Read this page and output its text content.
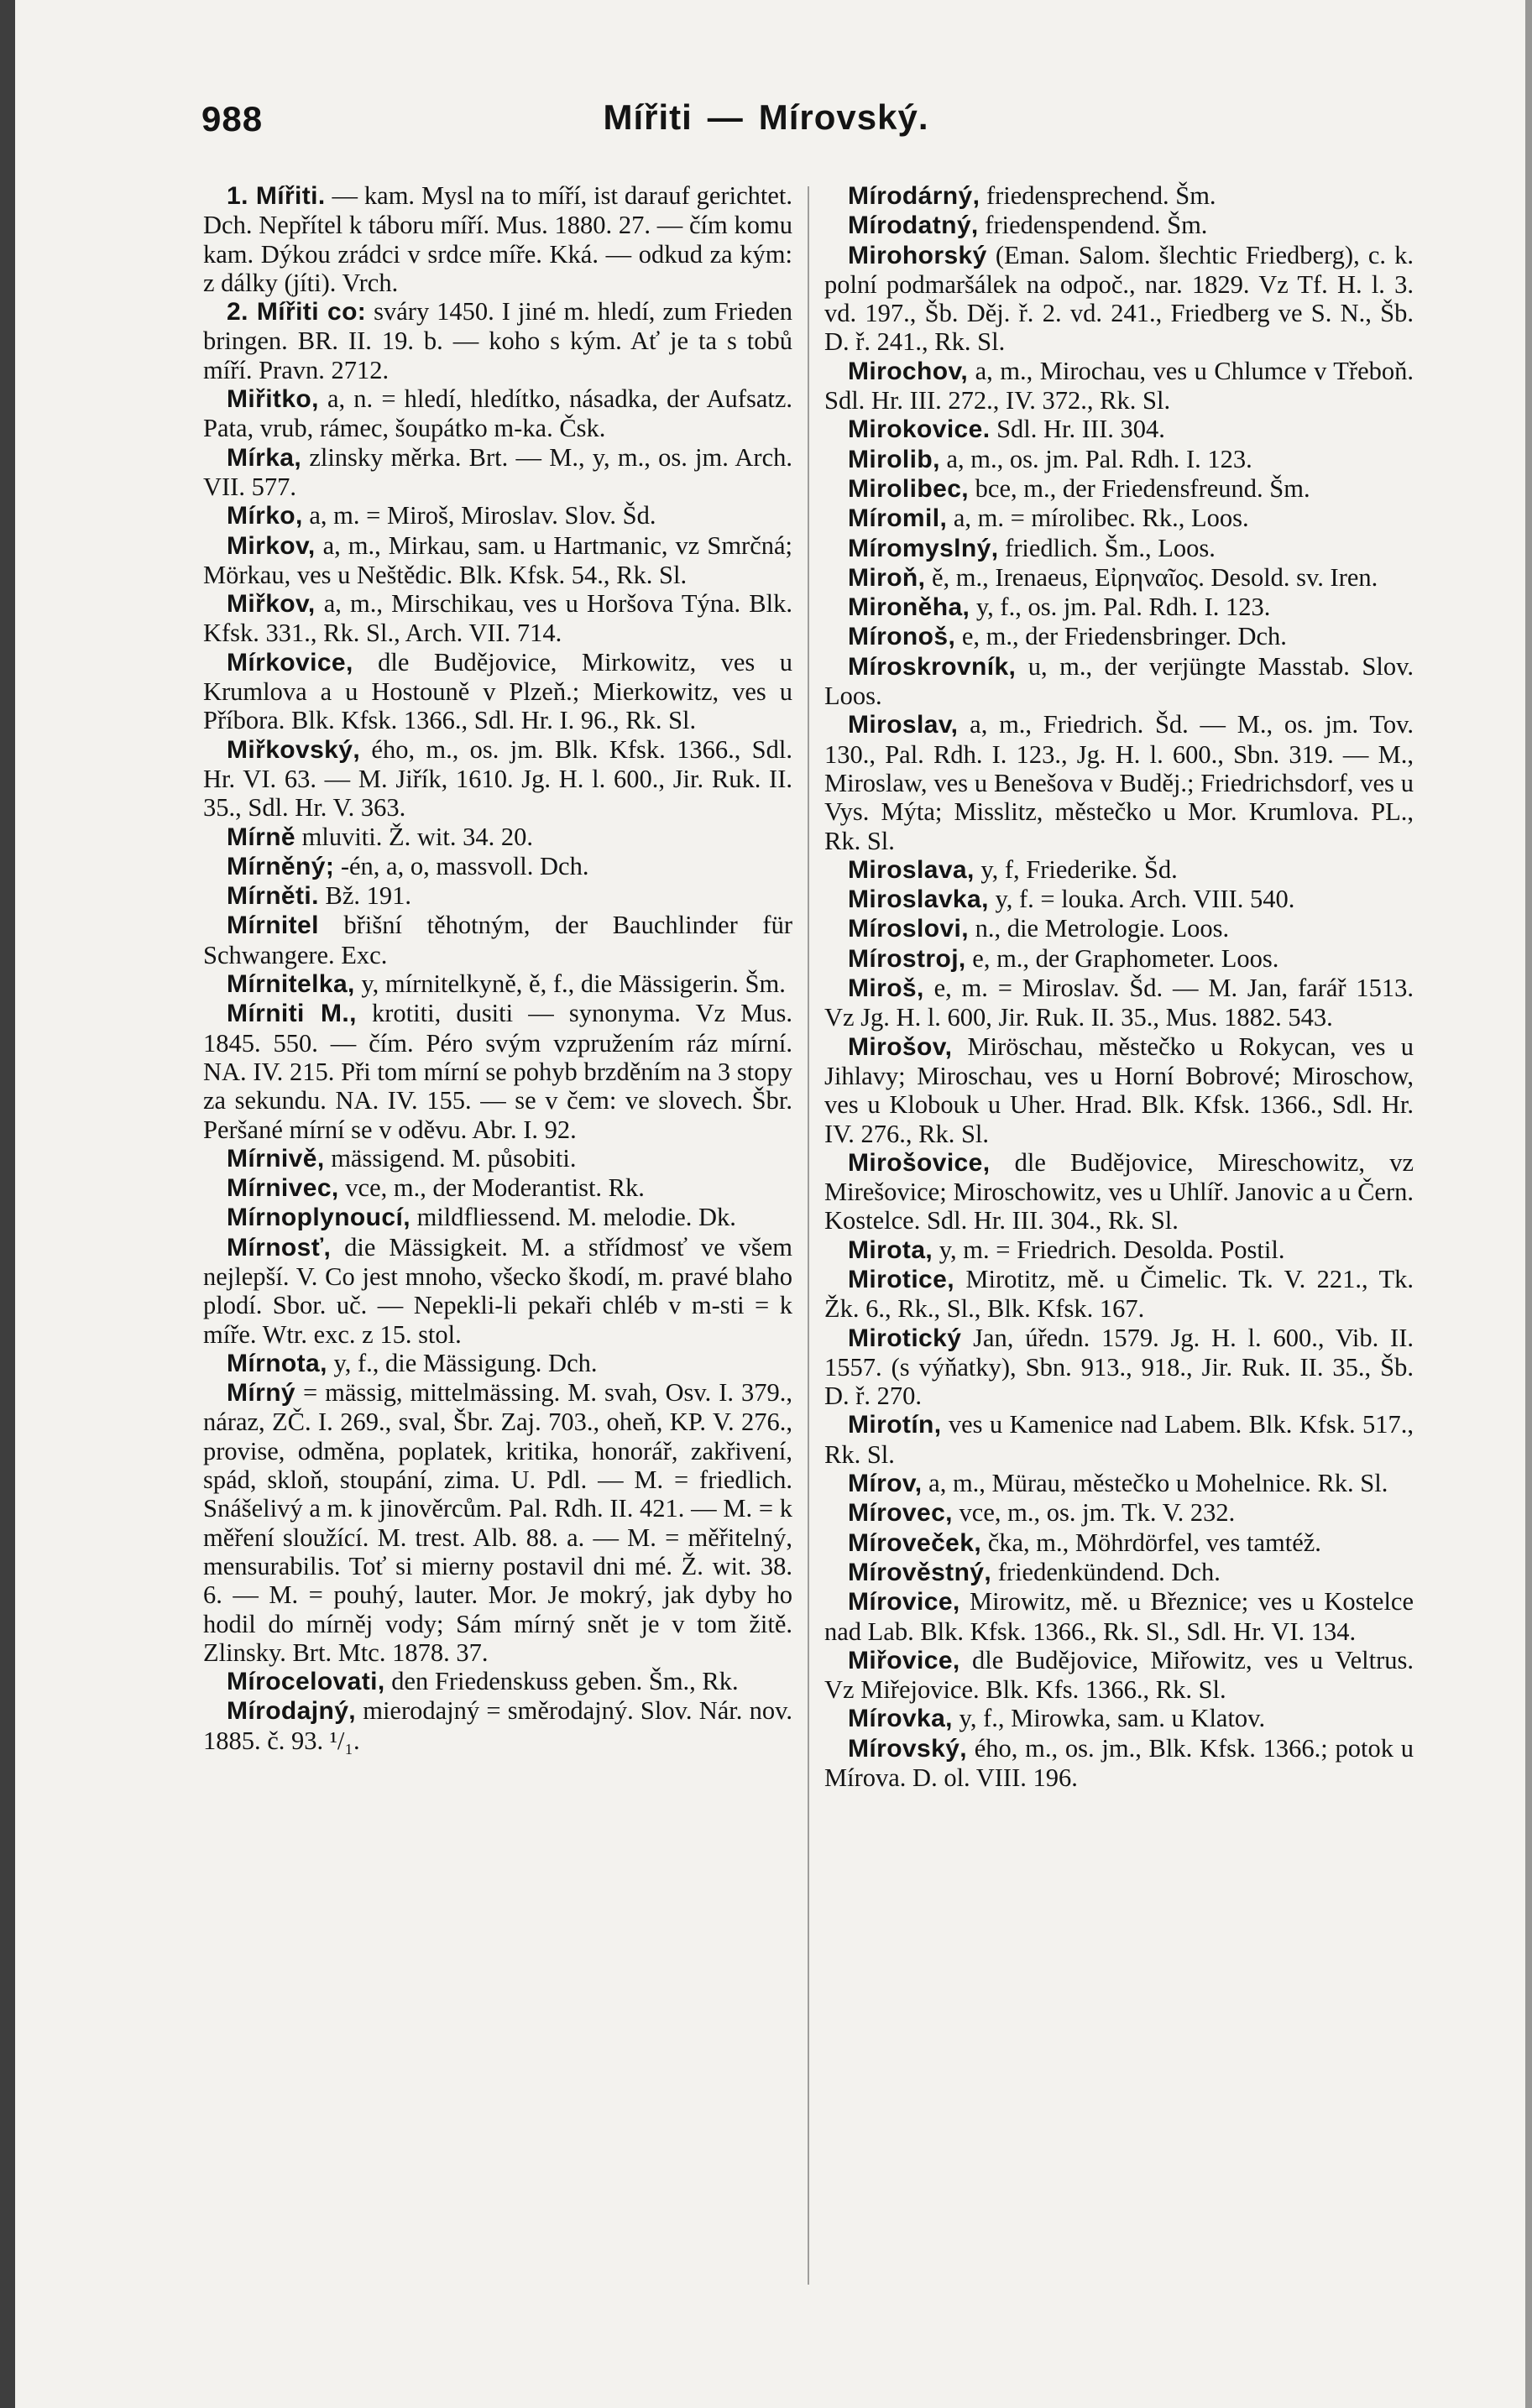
988	Mířiti — Mírovský.

1. Mířiti. — kam. Mysl na to míří, ist darauf gerichtet. Dch. Nepřítel k táboru míří. Mus. 1880. 27. — čím komu kam. Dýkou zrádci v srdce míře. Kká. — odkud za kým: z dálky (jíti). Vrch.

2. Mířiti co: sváry 1450. I jiné m. hledí, zum Frieden bringen. BR. II. 19. b. — koho s kým. Ať je ta s tobů míří. Pravn. 2712.

Miřitko, a, n. = hledí, hledítko, násadka, der Aufsatz. Pata, vrub, rámec, šoupátko m-ka. Čsk.

Mírka, zlinsky měrka. Brt. — M., y, m., os. jm. Arch. VII. 577.

Mírko, a, m. = Miroš, Miroslav. Slov. Šd.

Mirkov, a, m., Mirkau, sam. u Hartmanic, vz Smrčná; Mörkau, ves u Neštědic. Blk. Kfsk. 54., Rk. Sl.

Miřkov, a, m., Mirschikau, ves u Horšova Týna. Blk. Kfsk. 331., Rk. Sl., Arch. VII. 714.

Mírkovice, dle Budějovice, Mirkowitz, ves u Krumlova a u Hostouně v Plzeň.; Mierkowitz, ves u Příbora. Blk. Kfsk. 1366., Sdl. Hr. I. 96., Rk. Sl.

Miřkovský, ého, m., os. jm. Blk. Kfsk. 1366., Sdl. Hr. VI. 63. — M. Jiřík, 1610. Jg. H. l. 600., Jir. Ruk. II. 35., Sdl. Hr. V. 363.

Mírně mluviti. Ž. wit. 34. 20.

Mírněný; -én, a, o, massvoll. Dch.

Mírněti. Bž. 191.

Mírnitel břišní těhotným, der Bauchlinder für Schwangere. Exc.

Mírnitelka, y, mírnitelkyně, ě, f., die Mässigerin. Šm.

Mírniti M., krotiti, dusiti — synonyma. Vz Mus. 1845. 550. — čím. Péro svým vzpružením ráz mírní. NA. IV. 215. Při tom mírní se pohyb brzděním na 3 stopy za sekundu. NA. IV. 155. — se v čem: ve slovech. Šbr. Peršané mírní se v oděvu. Abr. I. 92.

Mírnivě, mässigend. M. působiti.

Mírnivec, vce, m., der Moderantist. Rk.

Mírnoplynoucí, mildfliessend. M. melodie. Dk.

Mírnosť, die Mässigkeit. M. a střídmosť ve všem nejlepší. V. Co jest mnoho, všecko škodí, m. pravé blaho plodí. Sbor. uč. — Nepekli-li pekaři chléb v m-sti = k míře. Wtr. exc. z 15. stol.

Mírnota, y, f., die Mässigung. Dch.

Mírný = mässig, mittelmässing. M. svah, Osv. I. 379., náraz, ZČ. I. 269., sval, Šbr. Zaj. 703., oheň, KP. V. 276., provise, odměna, poplatek, kritika, honorář, zakřivení, spád, skloň, stoupání, zima. U. Pdl. — M. = friedlich. Snášelivý a m. k jinověrcům. Pal. Rdh. II. 421. — M. = k měření sloužící. M. trest. Alb. 88. a. — M. = měřitelný, mensurabilis. Toť si mierny postavil dni mé. Ž. wit. 38. 6. — M. = pouhý, lauter. Mor. Je mokrý, jak dyby ho hodil do mírněj vody; Sám mírný snět je v tom žitě. Zlinsky. Brt. Mtc. 1878. 37.

Mírocelovati, den Friedenskuss geben. Šm., Rk.

Mírodajný, mierodajný = směrodajný. Slov. Nár. nov. 1885. č. 93. ¹/₁.

Mírodárný, friedensprechend. Šm.

Mírodatný, friedenspendend. Šm.

Mirohorský (Eman. Salom. šlechtic Friedberg), c. k. polní podmaršálek na odpoč., nar. 1829. Vz Tf. H. l. 3. vd. 197., Šb. Děj. ř. 2. vd. 241., Friedberg ve S. N., Šb. D. ř. 241., Rk. Sl.

Mirochov, a, m., Mirochau, ves u Chlumce v Třeboň. Sdl. Hr. III. 272., IV. 372., Rk. Sl.

Mirokovice. Sdl. Hr. III. 304.

Mirolib, a, m., os. jm. Pal. Rdh. I. 123.

Mirolibec, bce, m., der Friedensfreund. Šm.

Míromil, a, m. = mírolibec. Rk., Loos.

Míromyslný, friedlich. Šm., Loos.

Miroň, ě, m., Irenaeus, Εἰρηναῖος. Desold. sv. Iren.

Mironěha, y, f., os. jm. Pal. Rdh. I. 123.

Míronoš, e, m., der Friedensbringer. Dch.

Míroskrovník, u, m., der verjüngte Masstab. Slov. Loos.

Miroslav, a, m., Friedrich. Šd. — M., os. jm. Tov. 130., Pal. Rdh. I. 123., Jg. H. l. 600., Sbn. 319. — M., Miroslaw, ves u Benešova v Buděj.; Friedrichsdorf, ves u Vys. Mýta; Misslitz, městečko u Mor. Krumlova. PL., Rk. Sl.

Miroslava, y, f, Friederike. Šd.

Miroslavka, y, f. = louka. Arch. VIII. 540.

Míroslovi, n., die Metrologie. Loos.

Mírostroj, e, m., der Graphometer. Loos.

Miroš, e, m. = Miroslav. Šd. — M. Jan, farář 1513. Vz Jg. H. l. 600, Jir. Ruk. II. 35., Mus. 1882. 543.

Mirošov, Miröschau, městečko u Rokycan, ves u Jihlavy; Miroschau, ves u Horní Bobrové; Miroschow, ves u Klobouk u Uher. Hrad. Blk. Kfsk. 1366., Sdl. Hr. IV. 276., Rk. Sl.

Mirošovice, dle Budějovice, Mireschowitz, vz Mirešovice; Miroschowitz, ves u Uhlíř. Janovic a u Čern. Kostelce. Sdl. Hr. III. 304., Rk. Sl.

Mirota, y, m. = Friedrich. Desolda. Postil.

Mirotice, Mirotitz, mě. u Čimelic. Tk. V. 221., Tk. Žk. 6., Rk., Sl., Blk. Kfsk. 167.

Mirotický Jan, úředn. 1579. Jg. H. l. 600., Vib. II. 1557. (s výňatky), Sbn. 913., 918., Jir. Ruk. II. 35., Šb. D. ř. 270.

Mirotín, ves u Kamenice nad Labem. Blk. Kfsk. 517., Rk. Sl.

Mírov, a, m., Mürau, městečko u Mohelnice. Rk. Sl.

Mírovec, vce, m., os. jm. Tk. V. 232.

Míroveček, čka, m., Möhrdörfel, ves tamtéž.

Mírověstný, friedenkündend. Dch.

Mírovice, Mirowitz, mě. u Březnice; ves u Kostelce nad Lab. Blk. Kfsk. 1366., Rk. Sl., Sdl. Hr. VI. 134.

Miřovice, dle Budějovice, Miřowitz, ves u Veltrus. Vz Miřejovice. Blk. Kfs. 1366., Rk. Sl.

Mírovka, y, f., Mirowka, sam. u Klatov.

Mírovský, ého, m., os. jm., Blk. Kfsk. 1366.; potok u Mírova. D. ol. VIII. 196.
